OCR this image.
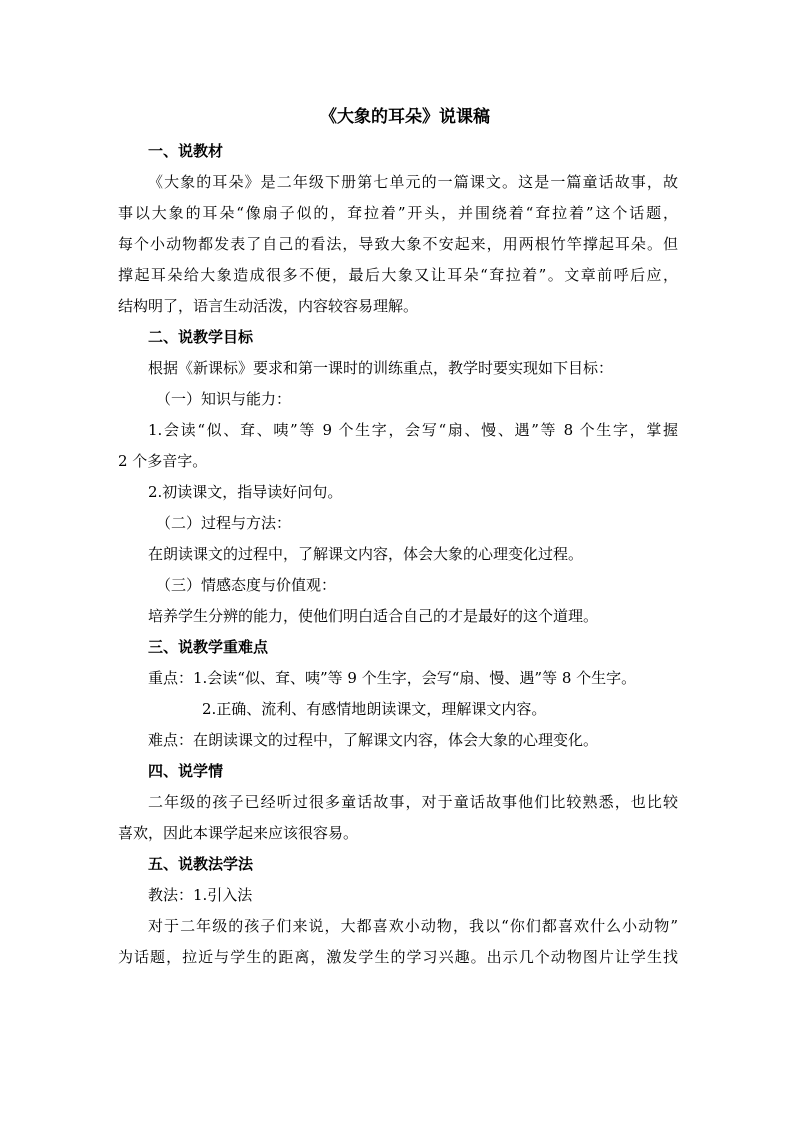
《大象的耳朵》说课稿

一、说教材

《大象的耳朵》是二年级下册第七单元的一篇课文。这是一篇童话故事，故

事以大象的耳朵“像扇子似的，耷拉着”开头，并围绕着“耷拉着”这个话题，

每个小动物都发表了自己的看法，导致大象不安起来，用两根竹竿撑起耳朵。但

撑起耳朵给大象造成很多不便，最后大象又让耳朵“耷拉着”。文章前呼后应，

结构明了，语言生动活泼，内容较容易理解。

二、说教学目标

根据《新课标》要求和第一课时的训练重点，教学时要实现如下目标：

（一）知识与能力：

1.会读“似、耷、咦”等 9 个生字，会写“扇、慢、遇”等 8 个生字，掌握

2 个多音字。

2.初读课文，指导读好问句。

（二）过程与方法：

在朗读课文的过程中，了解课文内容，体会大象的心理变化过程。

（三）情感态度与价值观：

培养学生分辨的能力，使他们明白适合自己的才是最好的这个道理。

三、说教学重难点

重点：1.会读“似、耷、咦”等 9 个生字，会写“扇、慢、遇”等 8 个生字。

2.正确、流利、有感情地朗读课文，理解课文内容。

难点：在朗读课文的过程中，了解课文内容，体会大象的心理变化。

四、说学情

二年级的孩子已经听过很多童话故事，对于童话故事他们比较熟悉，也比较

喜欢，因此本课学起来应该很容易。

五、说教法学法

教法：1.引入法

对于二年级的孩子们来说，大都喜欢小动物，我以“你们都喜欢什么小动物”

为话题，拉近与学生的距离，激发学生的学习兴趣。出示几个动物图片让学生找
